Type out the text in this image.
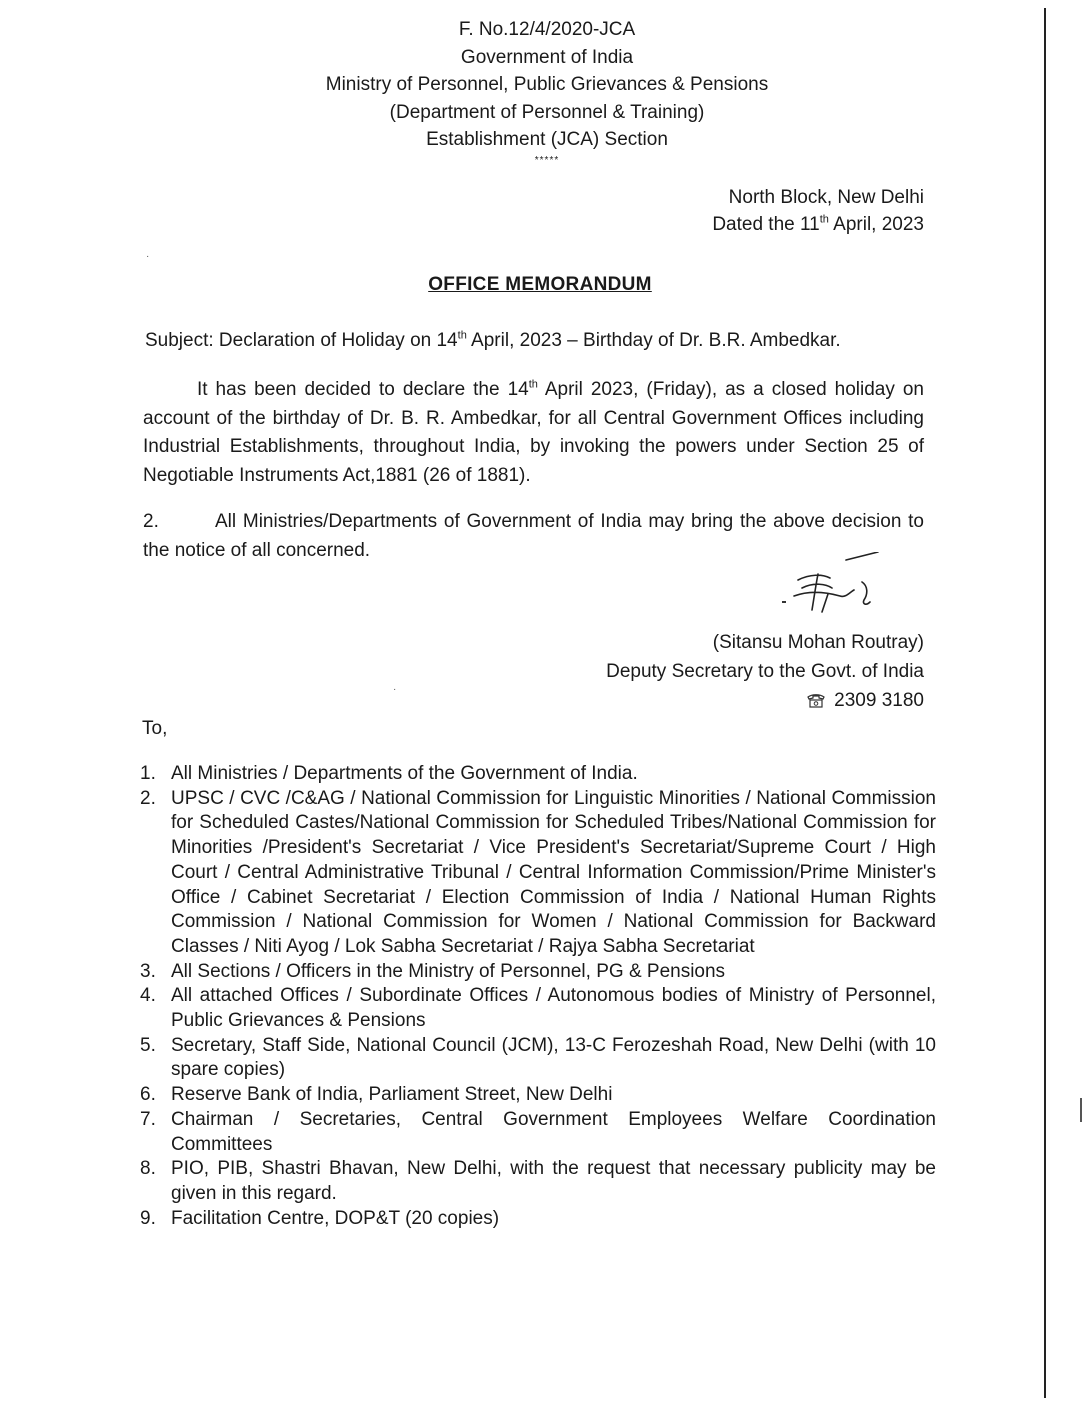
·
·
F. No.12/4/2020-JCA
Government of India
Ministry of Personnel, Public Grievances & Pensions
(Department of Personnel & Training)
Establishment (JCA) Section
*****
North Block, New Delhi
Dated the 11th April, 2023
OFFICE MEMORANDUM
Subject: Declaration of Holiday on 14th April, 2023 – Birthday of Dr. B.R. Ambedkar.
It has been decided to declare the 14th April 2023, (Friday), as a closed holiday on account of the birthday of Dr. B. R. Ambedkar, for all Central Government Offices including Industrial Establishments, throughout India, by invoking the powers under Section 25 of Negotiable Instruments Act,1881 (26 of 1881).
2.	All Ministries/Departments of Government of India may bring the above decision to the notice of all concerned.
(Sitansu Mohan Routray)
Deputy Secretary to the Govt. of India
2309 3180
To,
1. All Ministries / Departments of the Government of India.
2. UPSC / CVC /C&AG / National Commission for Linguistic Minorities / National Commission for Scheduled Castes/National Commission for Scheduled Tribes/National Commission for Minorities /President's Secretariat / Vice President's Secretariat/Supreme Court / High Court / Central Administrative Tribunal / Central Information Commission/Prime Minister's Office / Cabinet Secretariat / Election Commission of India / National Human Rights Commission / National Commission for Women / National Commission for Backward Classes / Niti Ayog / Lok Sabha Secretariat / Rajya Sabha Secretariat
3. All Sections / Officers in the Ministry of Personnel, PG & Pensions
4. All attached Offices / Subordinate Offices / Autonomous bodies of Ministry of Personnel, Public Grievances & Pensions
5. Secretary, Staff Side, National Council (JCM), 13-C Ferozeshah Road, New Delhi (with 10 spare copies)
6. Reserve Bank of India, Parliament Street, New Delhi
7. Chairman / Secretaries, Central Government Employees Welfare Coordination Committees
8. PIO, PIB, Shastri Bhavan, New Delhi, with the request that necessary publicity may be given in this regard.
9. Facilitation Centre, DOP&T (20 copies)
